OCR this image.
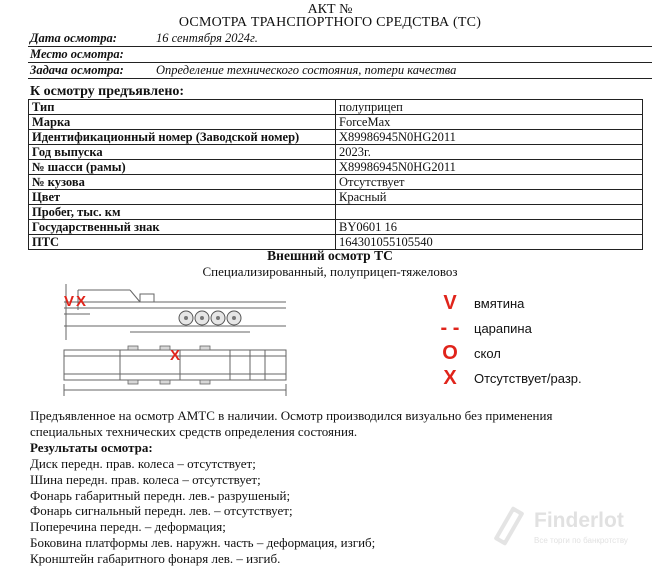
АКТ №
ОСМОТРА ТРАНСПОРТНОГО СРЕДСТВА (ТС)
Дата осмотра:	16 сентября 2024г.
Место осмотра:
Задача осмотра:	Определение технического состояния, потери качества
К осмотру предъявлено:
Тип	полуприцеп
Марка	ForceMax
Идентификационный номер (Заводской номер)	X89986945N0HG2011
Год выпуска	2023г.
№ шасси (рамы)	X89986945N0HG2011
№ кузова	Отсутствует
Цвет	Красный
Пробег, тыс. км	
Государственный знак	BY0601 16
ПТС	164301055105540
Внешний осмотр ТС
Специализированный, полуприцеп-тяжеловоз
V X
X
V вмятина
- - царапина
O скол
X Отсутствует/разр.
Предъявленное на осмотр АМТС в наличии. Осмотр производился визуально без применения
специальных технических средств определения состояния.
Результаты осмотра:
Диск передн. прав. колеса – отсутствует;
Шина передн. прав. колеса – отсутствует;
Фонарь габаритный передн. лев.- разрушеный;
Фонарь сигнальный передн. лев. – отсутствует;
Поперечина передн. – деформация;
Боковина платформы лев. наружн. часть – деформация, изгиб;
Кронштейн габаритного фонаря лев. – изгиб.
Finderlot
Все торги по банкротству
